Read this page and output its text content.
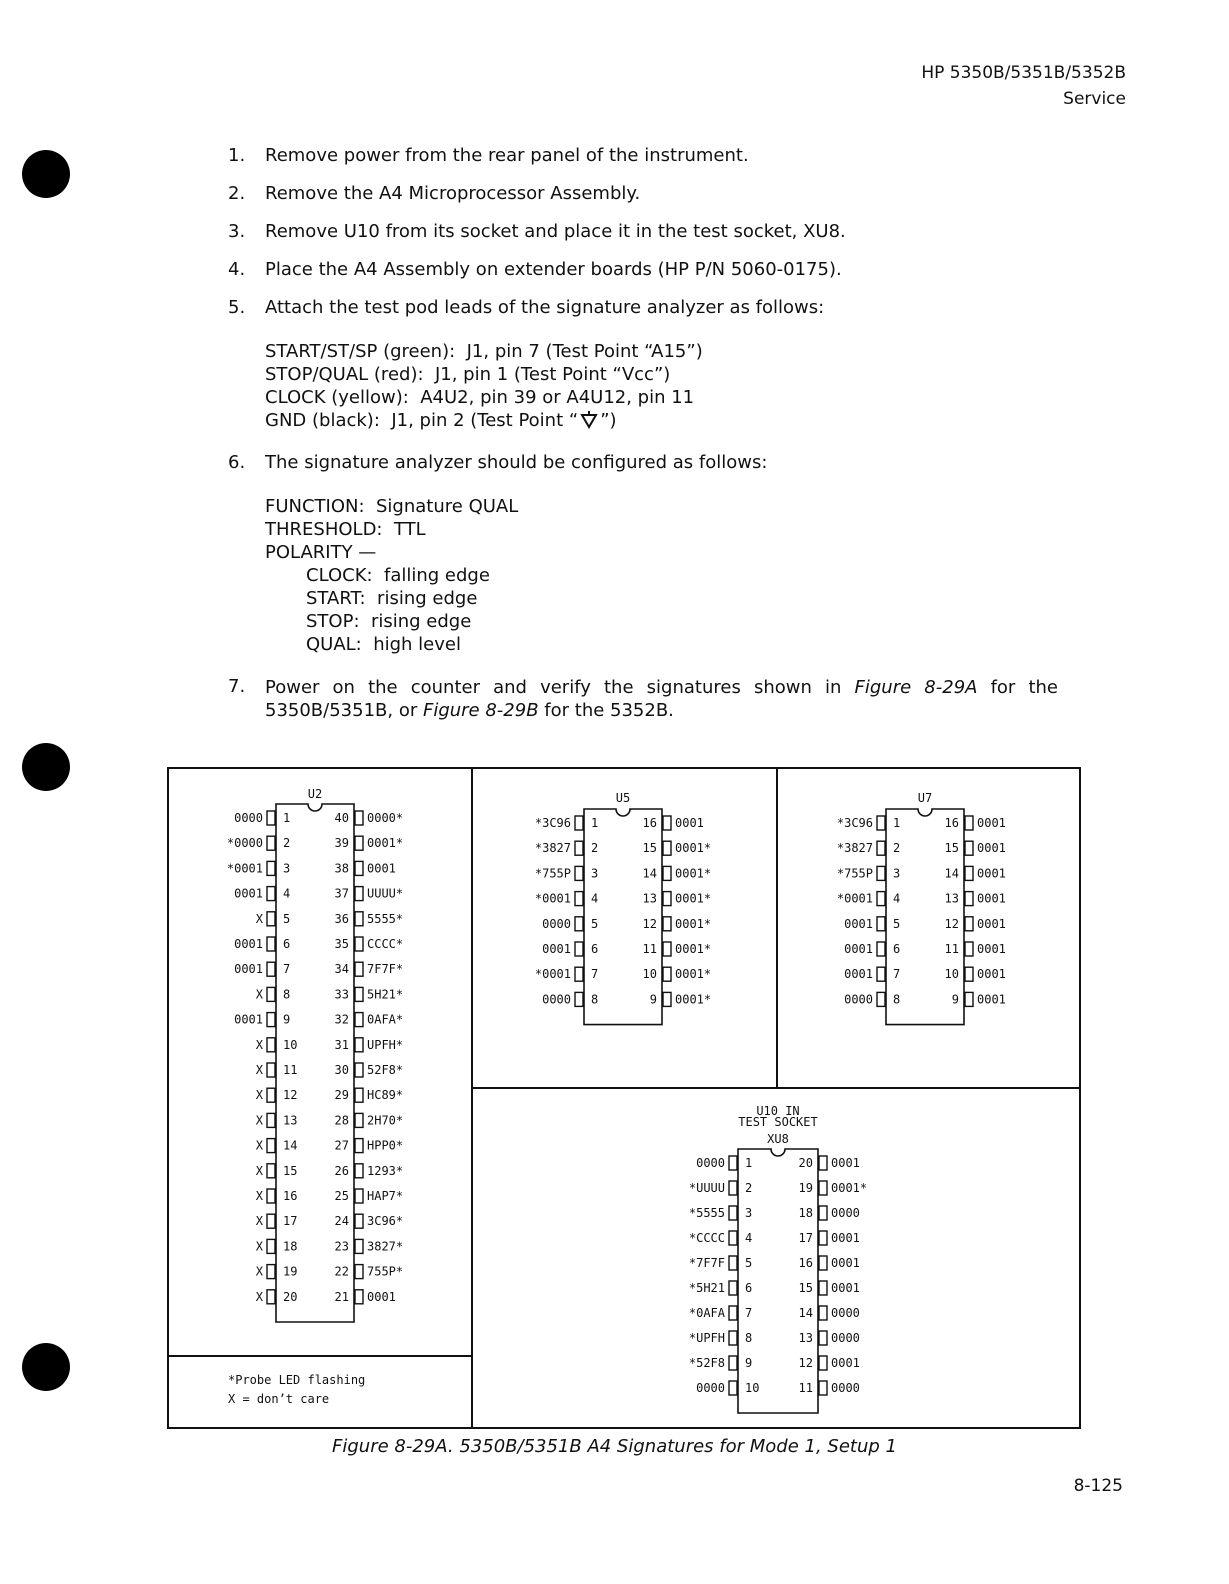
HP 5350B/5351B/5352B
Service
1.	Remove power from the rear panel of the instrument.
2.	Remove the A4 Microprocessor Assembly.
3.	Remove U10 from its socket and place it in the test socket, XU8.
4.	Place the A4 Assembly on extender boards (HP P/N 5060-0175).
5.	Attach the test pod leads of the signature analyzer as follows:
START/ST/SP (green):  J1, pin 7 (Test Point “A15”)
STOP/QUAL (red):  J1, pin 1 (Test Point “Vcc”)
CLOCK (yellow):  A4U2, pin 39 or A4U12, pin 11
GND (black):  J1, pin 2 (Test Point “ ”)
6.	The signature analyzer should be configured as follows:
FUNCTION:  Signature QUAL
THRESHOLD:  TTL
POLARITY —
CLOCK:  falling edge
START:  rising edge
STOP:  rising edge
QUAL:  high level
7.	Power on the counter and verify the signatures shown in Figure 8-29A for the 5350B/5351B, or Figure 8-29B for the 5352B.
U2
0000 1	40 0000*
*0000 2	39 0001*
*0001 3	38 0001
0001 4	37 UUUU*
X 5	36 5555*
0001 6	35 CCCC*
0001 7	34 7F7F*
X 8	33 5H21*
0001 9	32 0AFA*
X 10	31 UPFH*
X 11	30 52F8*
X 12	29 HC89*
X 13	28 2H70*
X 14	27 HPP0*
X 15	26 1293*
X 16	25 HAP7*
X 17	24 3C96*
X 18	23 3827*
X 19	22 755P*
X 20	21 0001
U5
*3C96 1	16 0001
*3827 2	15 0001*
*755P 3	14 0001*
*0001 4	13 0001*
0000 5	12 0001*
0001 6	11 0001*
*0001 7	10 0001*
0000 8	9 0001*
U7
*3C96 1	16 0001
*3827 2	15 0001
*755P 3	14 0001
*0001 4	13 0001
0001 5	12 0001
0001 6	11 0001
0001 7	10 0001
0000 8	9 0001
U10 IN
TEST SOCKET
XU8
0000 1	20 0001
*UUUU 2	19 0001*
*5555 3	18 0000
*CCCC 4	17 0001
*7F7F 5	16 0001
*5H21 6	15 0001
*0AFA 7	14 0000
*UPFH 8	13 0000
*52F8 9	12 0001
0000 10	11 0000
*Probe LED flashing
X = don’t care
Figure 8-29A. 5350B/5351B A4 Signatures for Mode 1, Setup 1
8-125
